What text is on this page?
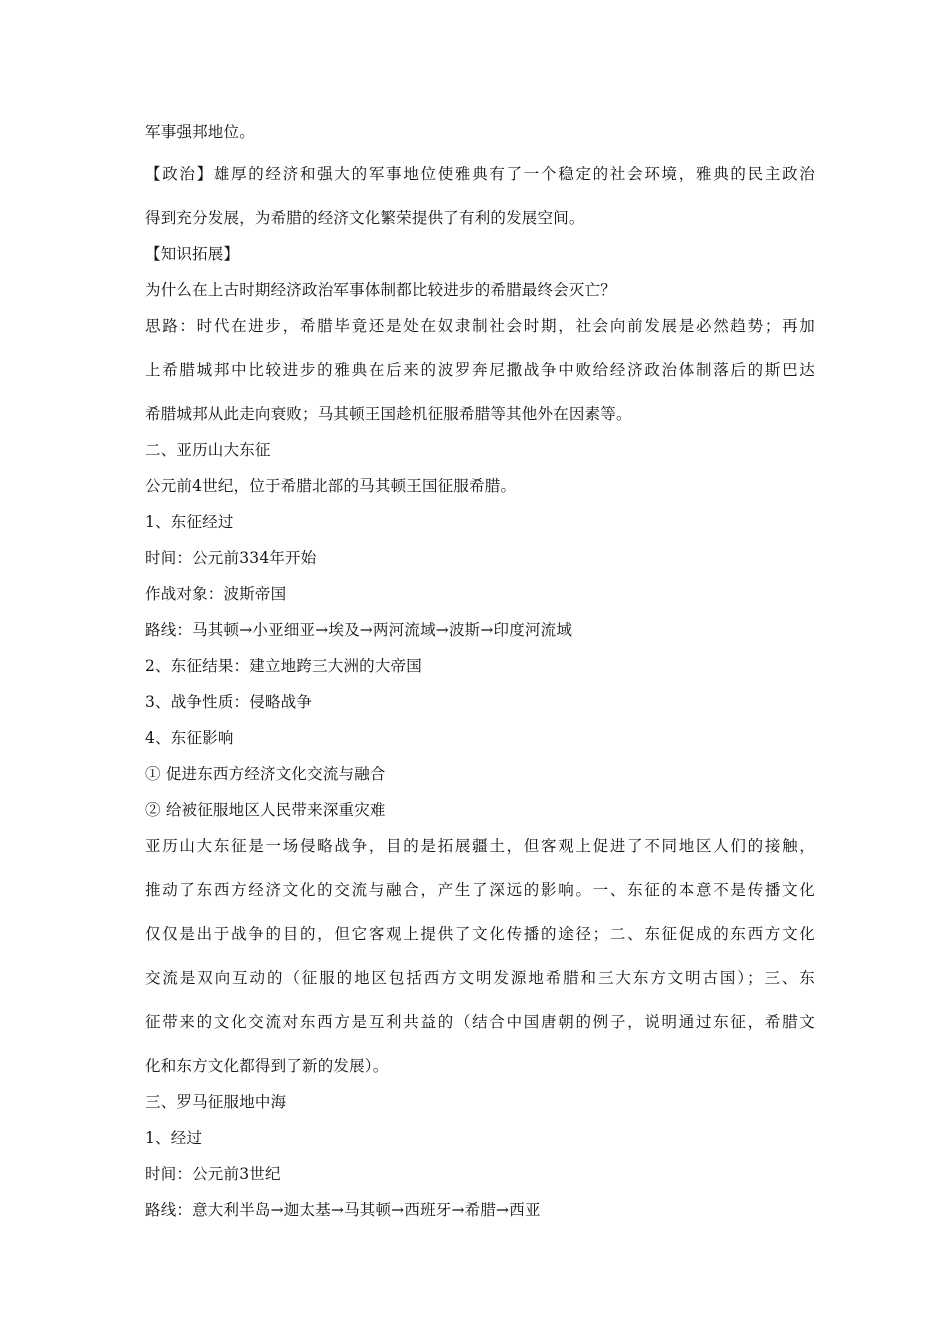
军事强邦地位。
【政治】雄厚的经济和强大的军事地位使雅典有了一个稳定的社会环境，雅典的民主政治
得到充分发展，为希腊的经济文化繁荣提供了有利的发展空间。
【知识拓展】
为什么在上古时期经济政治军事体制都比较进步的希腊最终会灭亡？
思路：时代在进步，希腊毕竟还是处在奴隶制社会时期，社会向前发展是必然趋势；再加
上希腊城邦中比较进步的雅典在后来的波罗奔尼撒战争中败给经济政治体制落后的斯巴达
希腊城邦从此走向衰败；马其顿王国趁机征服希腊等其他外在因素等。
二、亚历山大东征
公元前4世纪，位于希腊北部的马其顿王国征服希腊。
1、东征经过
时间：公元前334年开始
作战对象：波斯帝国
路线：马其顿→小亚细亚→埃及→两河流域→波斯→印度河流域
2、东征结果：建立地跨三大洲的大帝国
3、战争性质：侵略战争
4、东征影响
① 促进东西方经济文化交流与融合
② 给被征服地区人民带来深重灾难
亚历山大东征是一场侵略战争，目的是拓展疆土，但客观上促进了不同地区人们的接触，
推动了东西方经济文化的交流与融合，产生了深远的影响。一、东征的本意不是传播文化
仅仅是出于战争的目的，但它客观上提供了文化传播的途径；二、东征促成的东西方文化
交流是双向互动的（征服的地区包括西方文明发源地希腊和三大东方文明古国）；三、东
征带来的文化交流对东西方是互利共益的（结合中国唐朝的例子，说明通过东征，希腊文
化和东方文化都得到了新的发展）。
三、罗马征服地中海
1、经过
时间：公元前3世纪
路线：意大利半岛→迦太基→马其顿→西班牙→希腊→西亚
